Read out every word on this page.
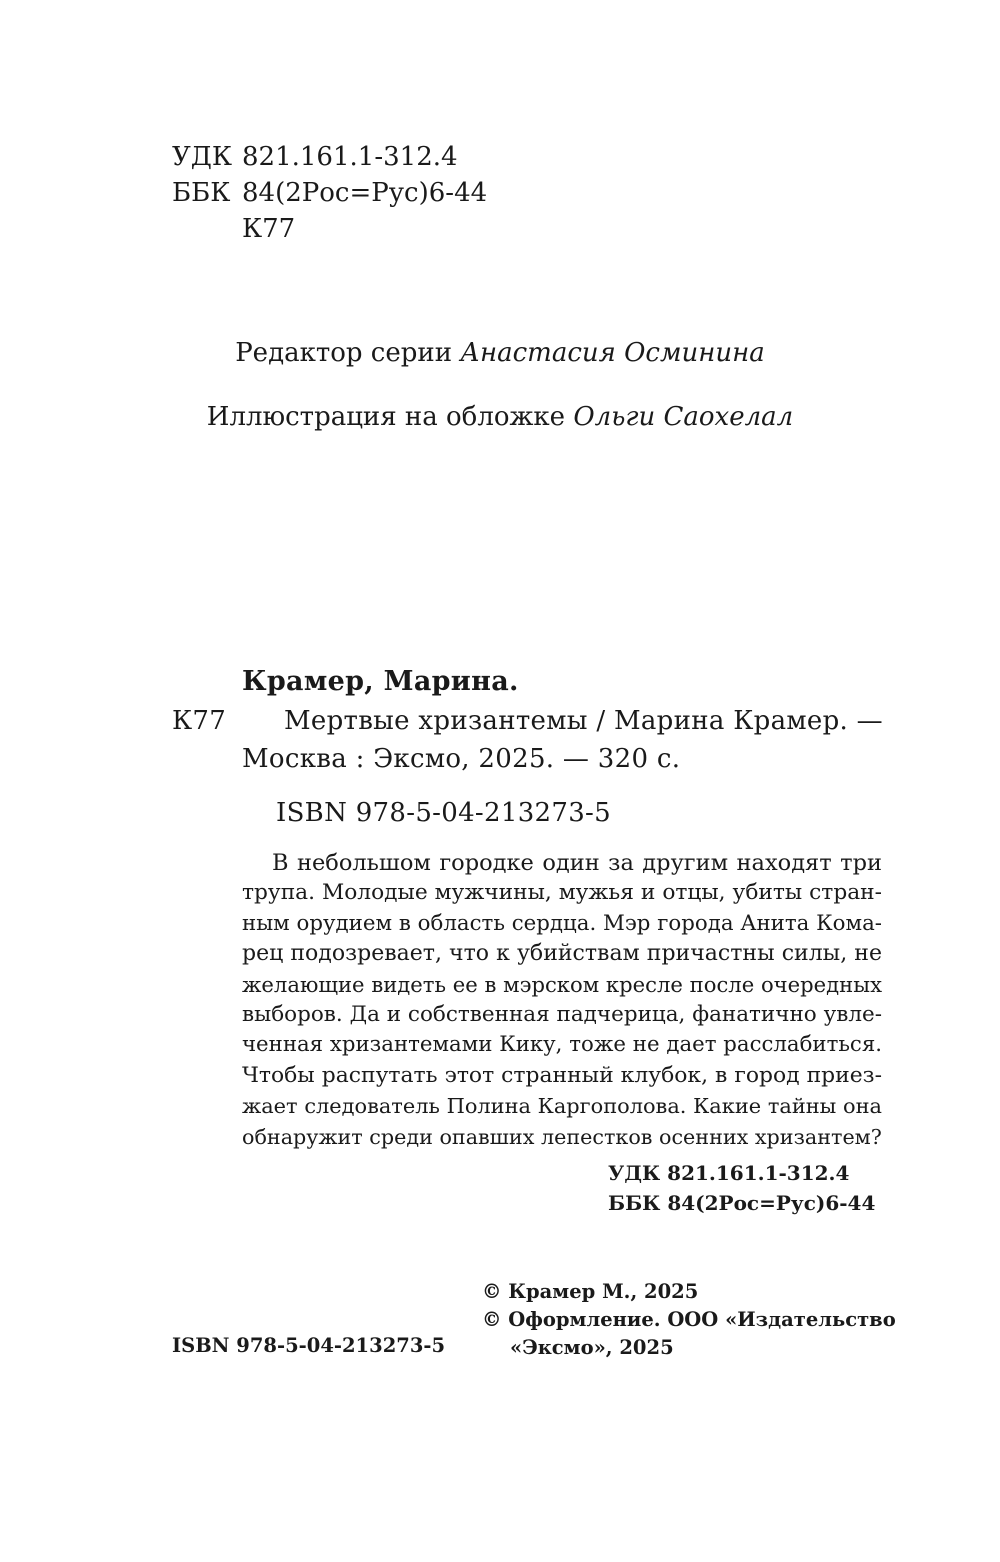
УДК 821.161.1-312.4
ББК 84(2Рос=Рус)6-44
К77
Редактор серии Анастасия Осминина
Иллюстрация на обложке Ольги Саохелал
Крамер, Марина.
К77 Мертвые хризантемы / Марина Крамер. —
Москва : Эксмо, 2025. — 320 с.
ISBN 978-5-04-213273-5
В небольшом городке один за другим находят три
трупа. Молодые мужчины, мужья и отцы, убиты стран-
ным орудием в область сердца. Мэр города Анита Кома-
рец подозревает, что к убийствам причастны силы, не
желающие видеть ее в мэрском кресле после очередных
выборов. Да и собственная падчерица, фанатично увле-
ченная хризантемами Кику, тоже не дает расслабиться.
Чтобы распутать этот странный клубок, в город приез-
жает следователь Полина Каргополова. Какие тайны она
обнаружит среди опавших лепестков осенних хризантем?
УДК 821.161.1-312.4
ББК 84(2Рос=Рус)6-44
© Крамер М., 2025
© Оформление. ООО «Издательство
«Эксмо», 2025
ISBN 978-5-04-213273-5
